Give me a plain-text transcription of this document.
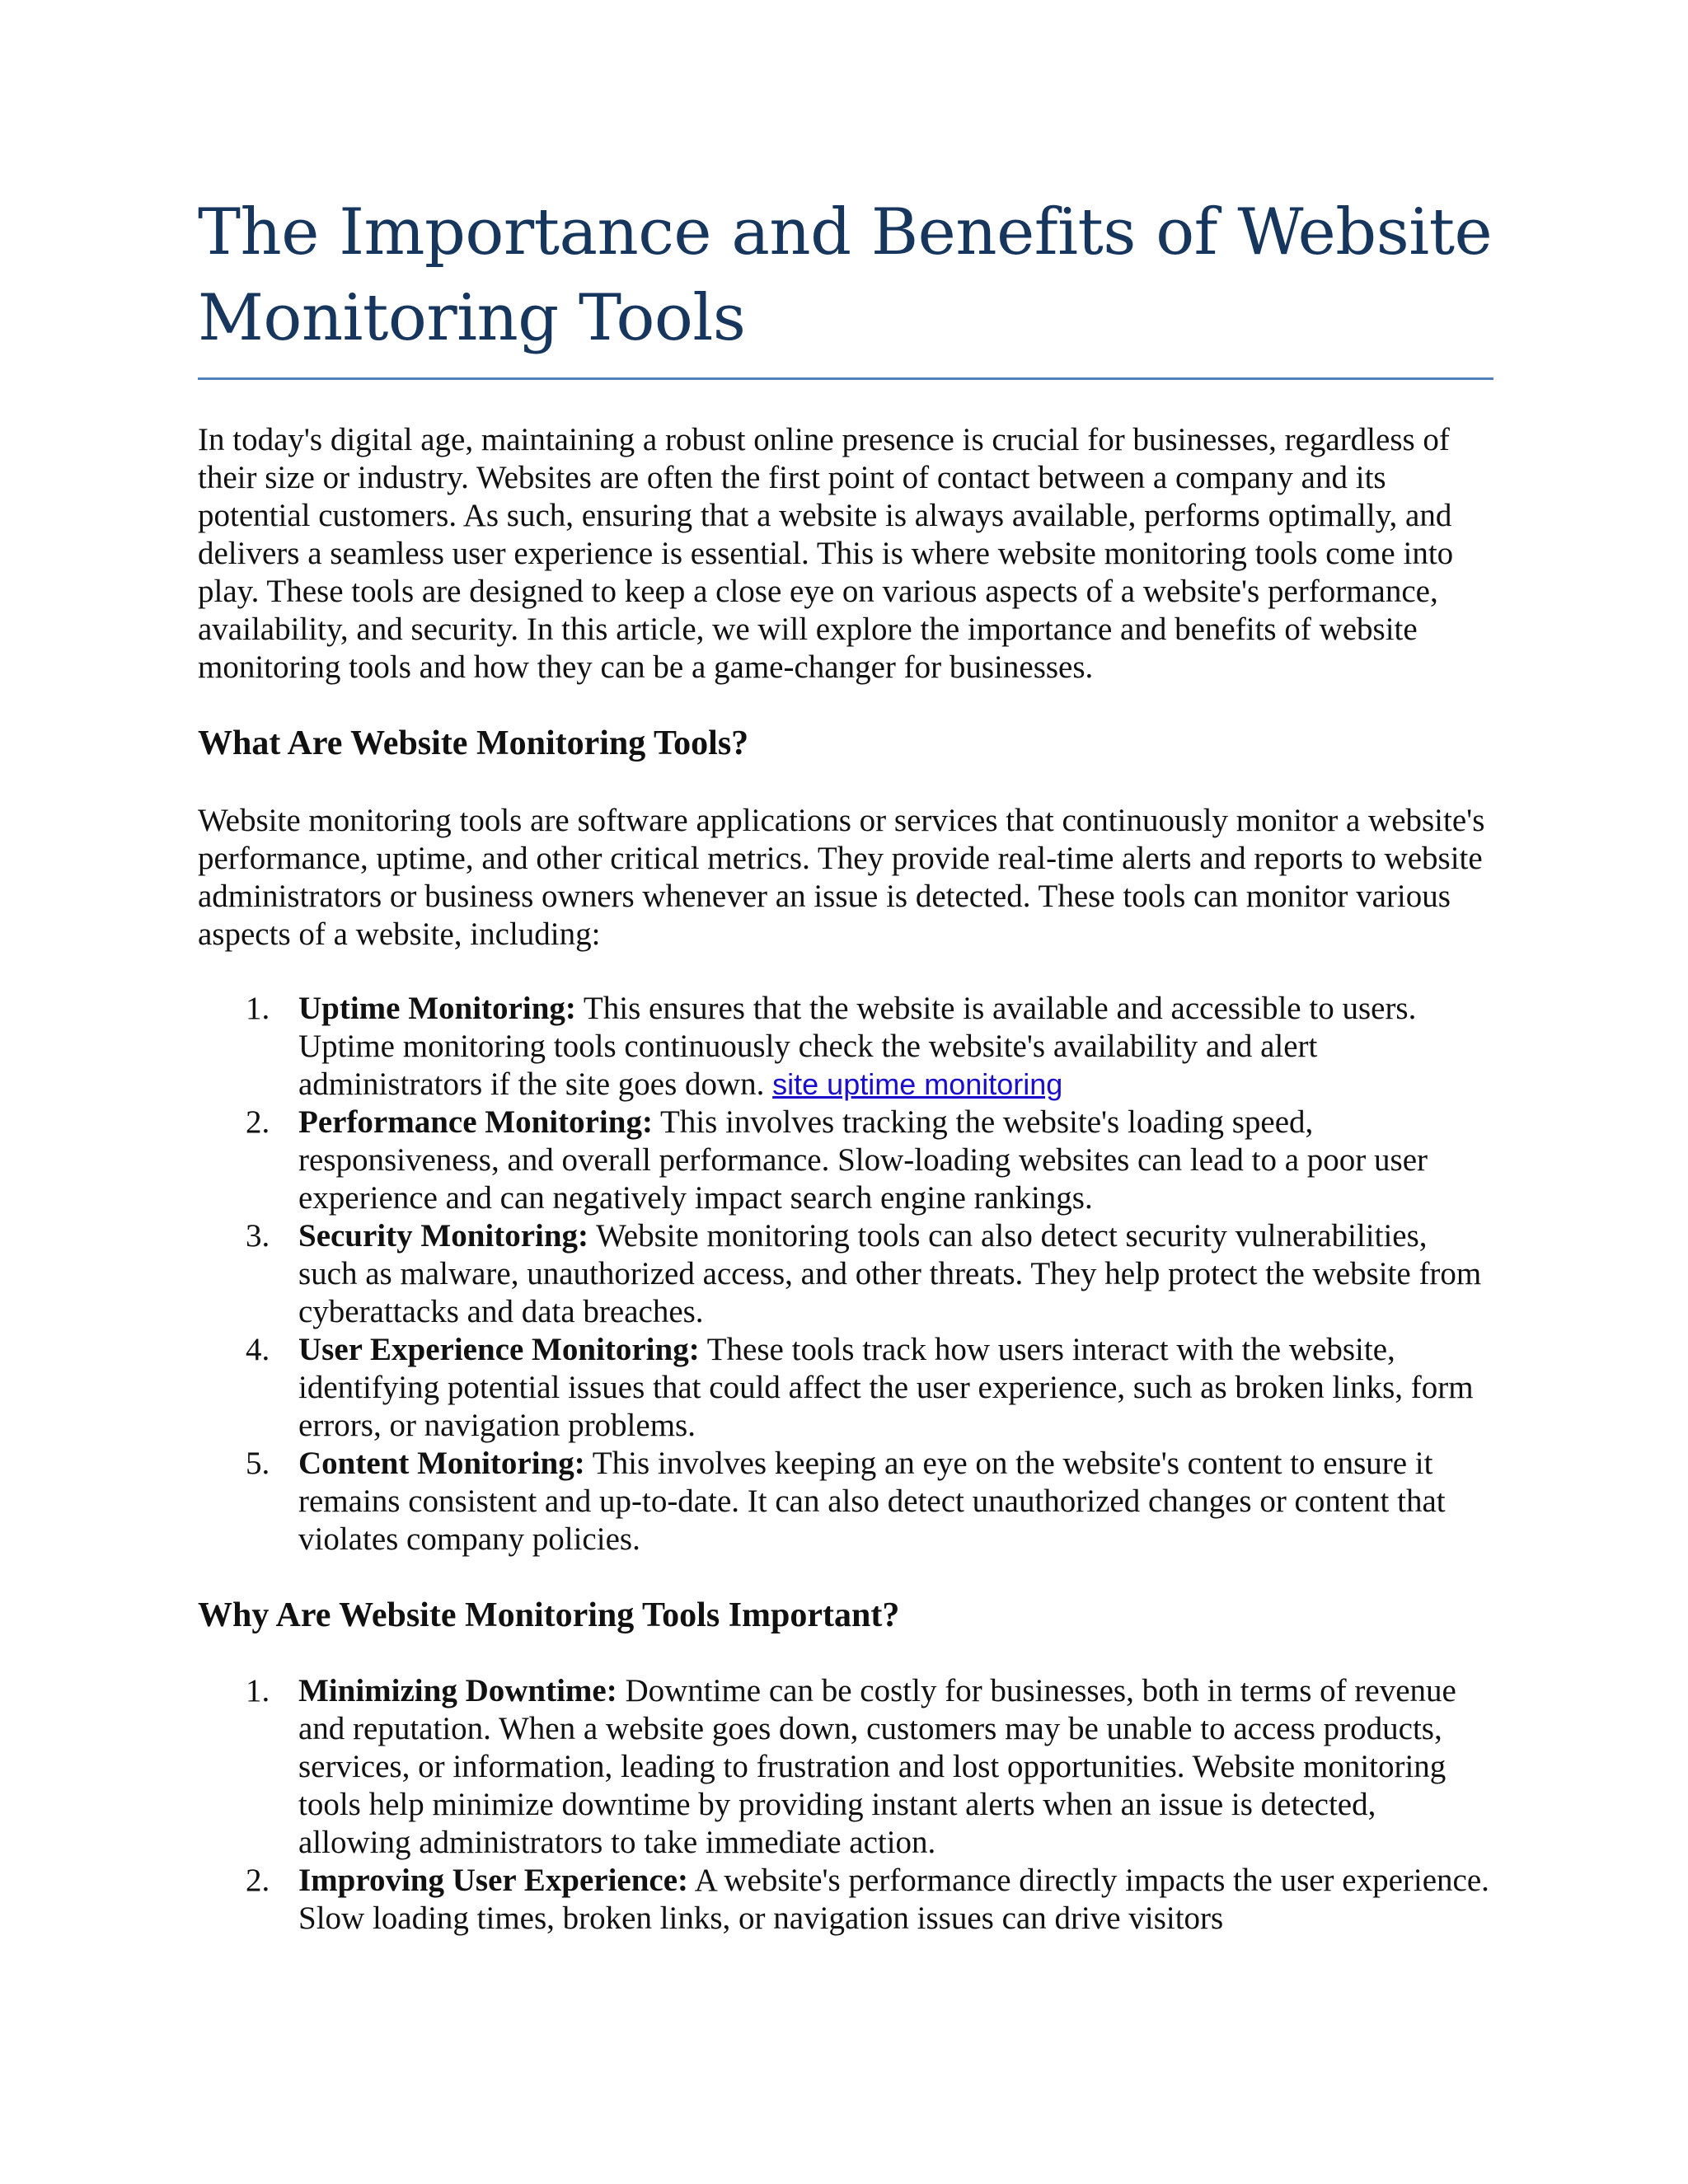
The Importance and Benefits of Website Monitoring Tools

In today's digital age, maintaining a robust online presence is crucial for businesses, regardless of their size or industry. Websites are often the first point of contact between a company and its potential customers. As such, ensuring that a website is always available, performs optimally, and delivers a seamless user experience is essential. This is where website monitoring tools come into play. These tools are designed to keep a close eye on various aspects of a website's performance, availability, and security. In this article, we will explore the importance and benefits of website monitoring tools and how they can be a game-changer for businesses.

What Are Website Monitoring Tools?

Website monitoring tools are software applications or services that continuously monitor a website's performance, uptime, and other critical metrics. They provide real-time alerts and reports to website administrators or business owners whenever an issue is detected. These tools can monitor various aspects of a website, including:

1. Uptime Monitoring: This ensures that the website is available and accessible to users. Uptime monitoring tools continuously check the website's availability and alert administrators if the site goes down. site uptime monitoring
2. Performance Monitoring: This involves tracking the website's loading speed, responsiveness, and overall performance. Slow-loading websites can lead to a poor user experience and can negatively impact search engine rankings.
3. Security Monitoring: Website monitoring tools can also detect security vulnerabilities, such as malware, unauthorized access, and other threats. They help protect the website from cyberattacks and data breaches.
4. User Experience Monitoring: These tools track how users interact with the website, identifying potential issues that could affect the user experience, such as broken links, form errors, or navigation problems.
5. Content Monitoring: This involves keeping an eye on the website's content to ensure it remains consistent and up-to-date. It can also detect unauthorized changes or content that violates company policies.
Why Are Website Monitoring Tools Important?
1. Minimizing Downtime: Downtime can be costly for businesses, both in terms of revenue and reputation. When a website goes down, customers may be unable to access products, services, or information, leading to frustration and lost opportunities. Website monitoring tools help minimize downtime by providing instant alerts when an issue is detected, allowing administrators to take immediate action.
2. Improving User Experience: A website's performance directly impacts the user experience. Slow loading times, broken links, or navigation issues can drive visitors
